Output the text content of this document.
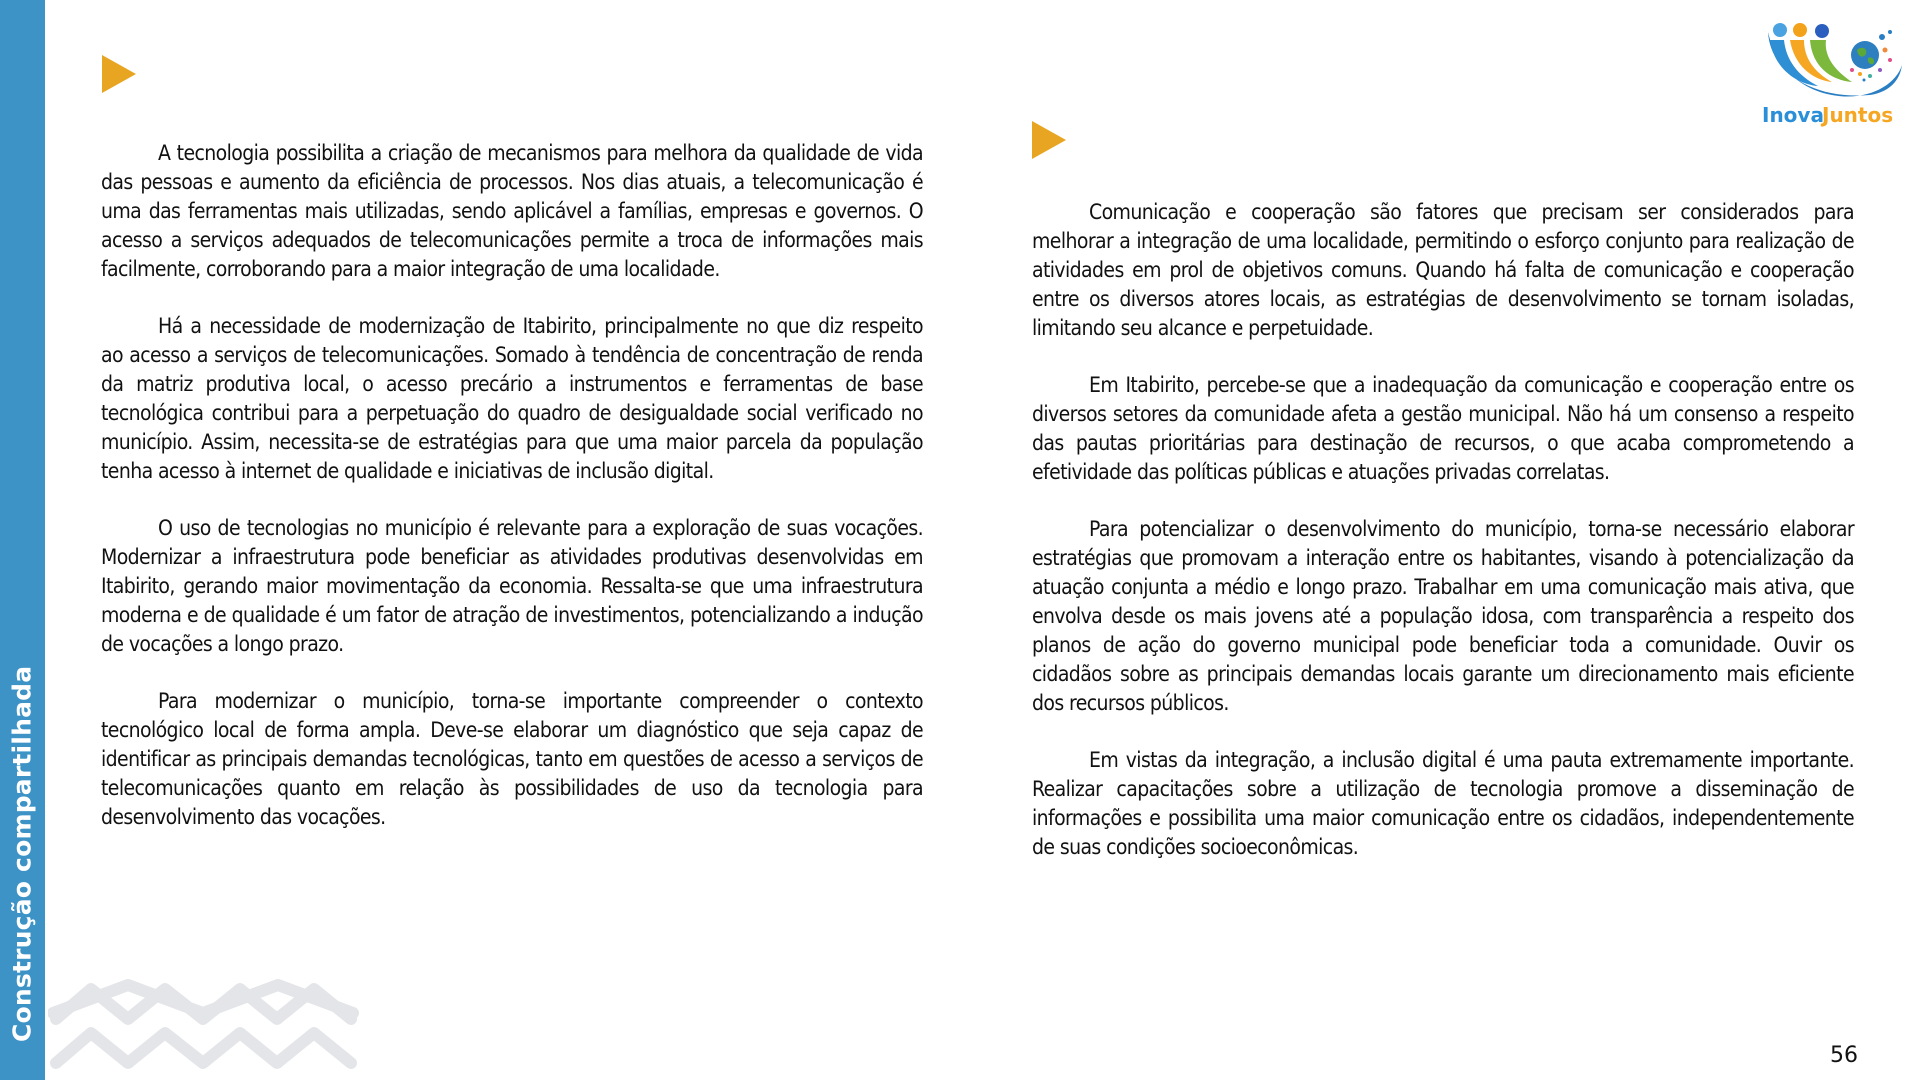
Construção compartilhada

A tecnologia possibilita a criação de mecanismos para melhora da qualidade de vida das pessoas e aumento da eficiência de processos. Nos dias atuais, a telecomunicação é uma das ferramentas mais utilizadas, sendo aplicável a famílias, empresas e governos. O acesso a serviços adequados de telecomunicações permite a troca de informações mais facilmente, corroborando para a maior integração de uma localidade.

Há a necessidade de modernização de Itabirito, principalmente no que diz respeito ao acesso a serviços de telecomunicações. Somado à tendência de concentração de renda da matriz produtiva local, o acesso precário a instrumentos e ferramentas de base tecnológica contribui para a perpetuação do quadro de desigualdade social verificado no município. Assim, necessita-se de estratégias para que uma maior parcela da população tenha acesso à internet de qualidade e iniciativas de inclusão digital.

O uso de tecnologias no município é relevante para a exploração de suas vocações. Modernizar a infraestrutura pode beneficiar as atividades produtivas desenvolvidas em Itabirito, gerando maior movimentação da economia. Ressalta-se que uma infraestrutura moderna e de qualidade é um fator de atração de investimentos, potencializando a indução de vocações a longo prazo.

Para modernizar o município, torna-se importante compreender o contexto tecnológico local de forma ampla. Deve-se elaborar um diagnóstico que seja capaz de identificar as principais demandas tecnológicas, tanto em questões de acesso a serviços de telecomunicações quanto em relação às possibilidades de uso da tecnologia para desenvolvimento das vocações.

Comunicação e cooperação são fatores que precisam ser considerados para melhorar a integração de uma localidade, permitindo o esforço conjunto para realização de atividades em prol de objetivos comuns. Quando há falta de comunicação e cooperação entre os diversos atores locais, as estratégias de desenvolvimento se tornam isoladas, limitando seu alcance e perpetuidade.

Em Itabirito, percebe-se que a inadequação da comunicação e cooperação entre os diversos setores da comunidade afeta a gestão municipal. Não há um consenso a respeito das pautas prioritárias para destinação de recursos, o que acaba comprometendo a efetividade das políticas públicas e atuações privadas correlatas.

Para potencializar o desenvolvimento do município, torna-se necessário elaborar estratégias que promovam a interação entre os habitantes, visando à potencialização da atuação conjunta a médio e longo prazo. Trabalhar em uma comunicação mais ativa, que envolva desde os mais jovens até a população idosa, com transparência a respeito dos planos de ação do governo municipal pode beneficiar toda a comunidade. Ouvir os cidadãos sobre as principais demandas locais garante um direcionamento mais eficiente dos recursos públicos.

Em vistas da integração, a inclusão digital é uma pauta extremamente importante. Realizar capacitações sobre a utilização de tecnologia promove a disseminação de informações e possibilita uma maior comunicação entre os cidadãos, independentemente de suas condições socioeconômicas.

Inova
Juntos
56
